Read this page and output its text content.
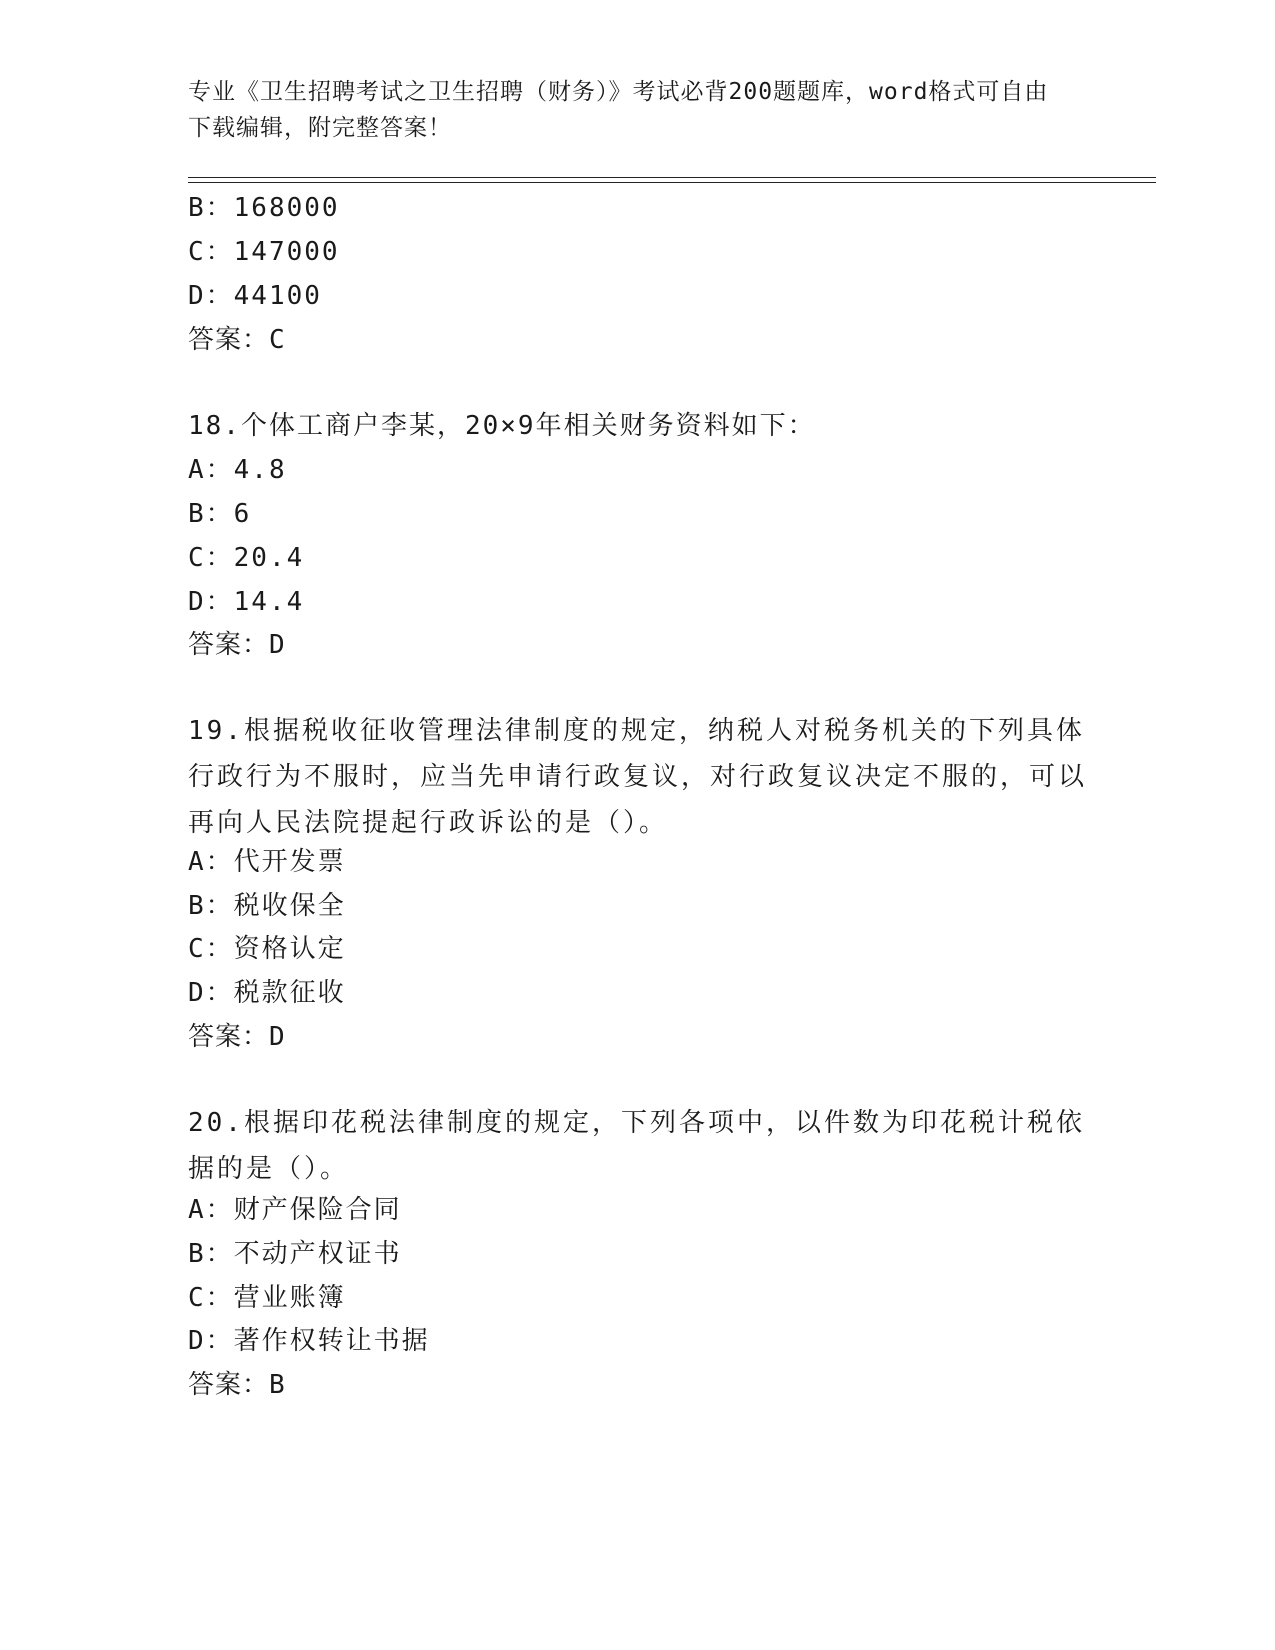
专业《卫生招聘考试之卫生招聘（财务）》考试必背200题题库，word格式可自由下载编辑，附完整答案！
B：168000
C：147000
D：44100
答案：C
18.个体工商户李某，20×9年相关财务资料如下：
A：4.8
B：6
C：20.4
D：14.4
答案：D
19.根据税收征收管理法律制度的规定，纳税人对税务机关的下列具体行政行为不服时，应当先申请行政复议，对行政复议决定不服的，可以再向人民法院提起行政诉讼的是（）。
A：代开发票
B：税收保全
C：资格认定
D：税款征收
答案：D
20.根据印花税法律制度的规定，下列各项中，以件数为印花税计税依据的是（）。
A：财产保险合同
B：不动产权证书
C：营业账簿
D：著作权转让书据
答案：B
